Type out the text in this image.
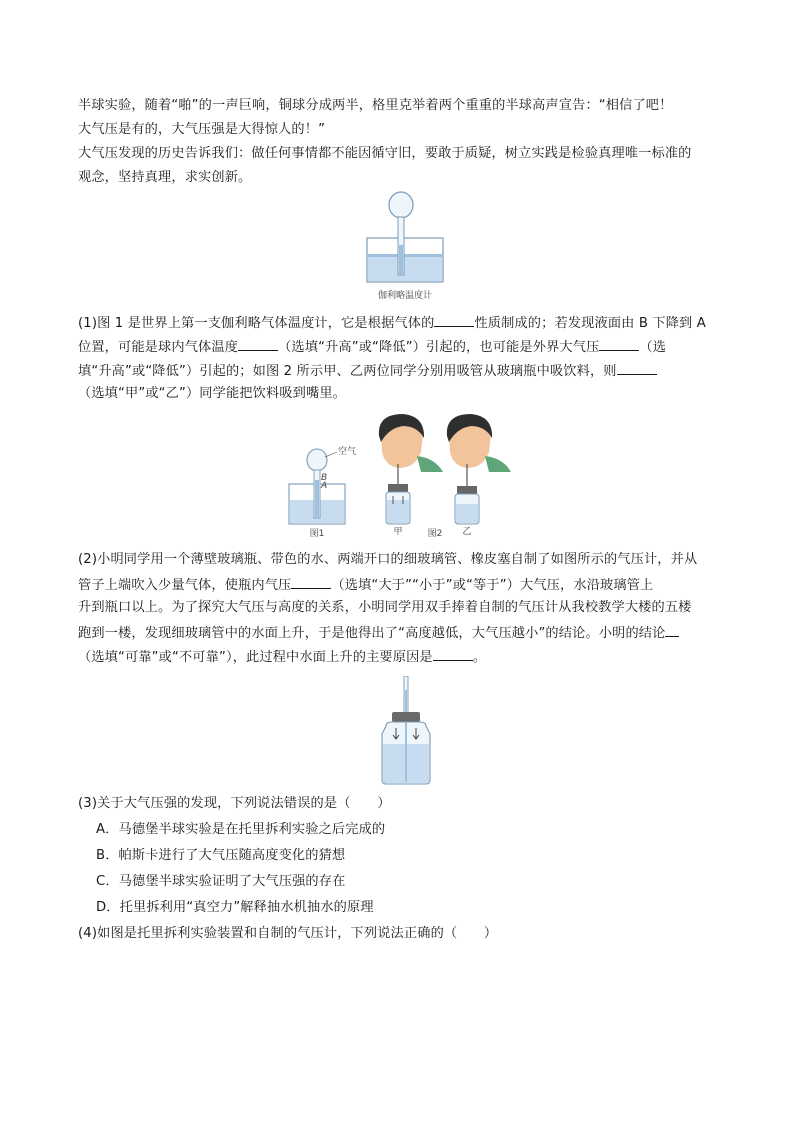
半球实验，随着“啪”的一声巨响，铜球分成两半，格里克举着两个重重的半球高声宣告：“相信了吧！
大气压是有的，大气压强是大得惊人的！”
大气压发现的历史告诉我们：做任何事情都不能因循守旧，要敢于质疑，树立实践是检验真理唯一标准的
观念，坚持真理，求实创新。
伽利略温度计
(1)图 1 是世界上第一支伽利略气体温度计，它是根据气体的	性质制成的；若发现液面由 B 下降到 A
位置，可能是球内气体温度	（选填“升高”或“降低”）引起的，也可能是外界大气压	（选
填“升高”或“降低”）引起的；如图 2 所示甲、乙两位同学分别用吸管从玻璃瓶中吸饮料，则
（选填“甲”或“乙”）同学能把饮料吸到嘴里。
空气
B
A
图1	甲	图2 乙
(2)小明同学用一个薄壁玻璃瓶、带色的水、两端开口的细玻璃管、橡皮塞自制了如图所示的气压计，并从
管子上端吹入少量气体，使瓶内气压	（选填“大于”“小于”或“等于”）大气压，水沿玻璃管上
升到瓶口以上。为了探究大气压与高度的关系，小明同学用双手捧着自制的气压计从我校教学大楼的五楼
跑到一楼，发现细玻璃管中的水面上升，于是他得出了“高度越低，大气压越小”的结论。小明的结论
（选填“可靠”或“不可靠”），此过程中水面上升的主要原因是	。
(3)关于大气压强的发现，下列说法错误的是（　　）
A．马德堡半球实验是在托里拆利实验之后完成的
B．帕斯卡进行了大气压随高度变化的猜想
C．马德堡半球实验证明了大气压强的存在
D．托里拆利用“真空力”解释抽水机抽水的原理
(4)如图是托里拆利实验装置和自制的气压计，下列说法正确的（　　）
